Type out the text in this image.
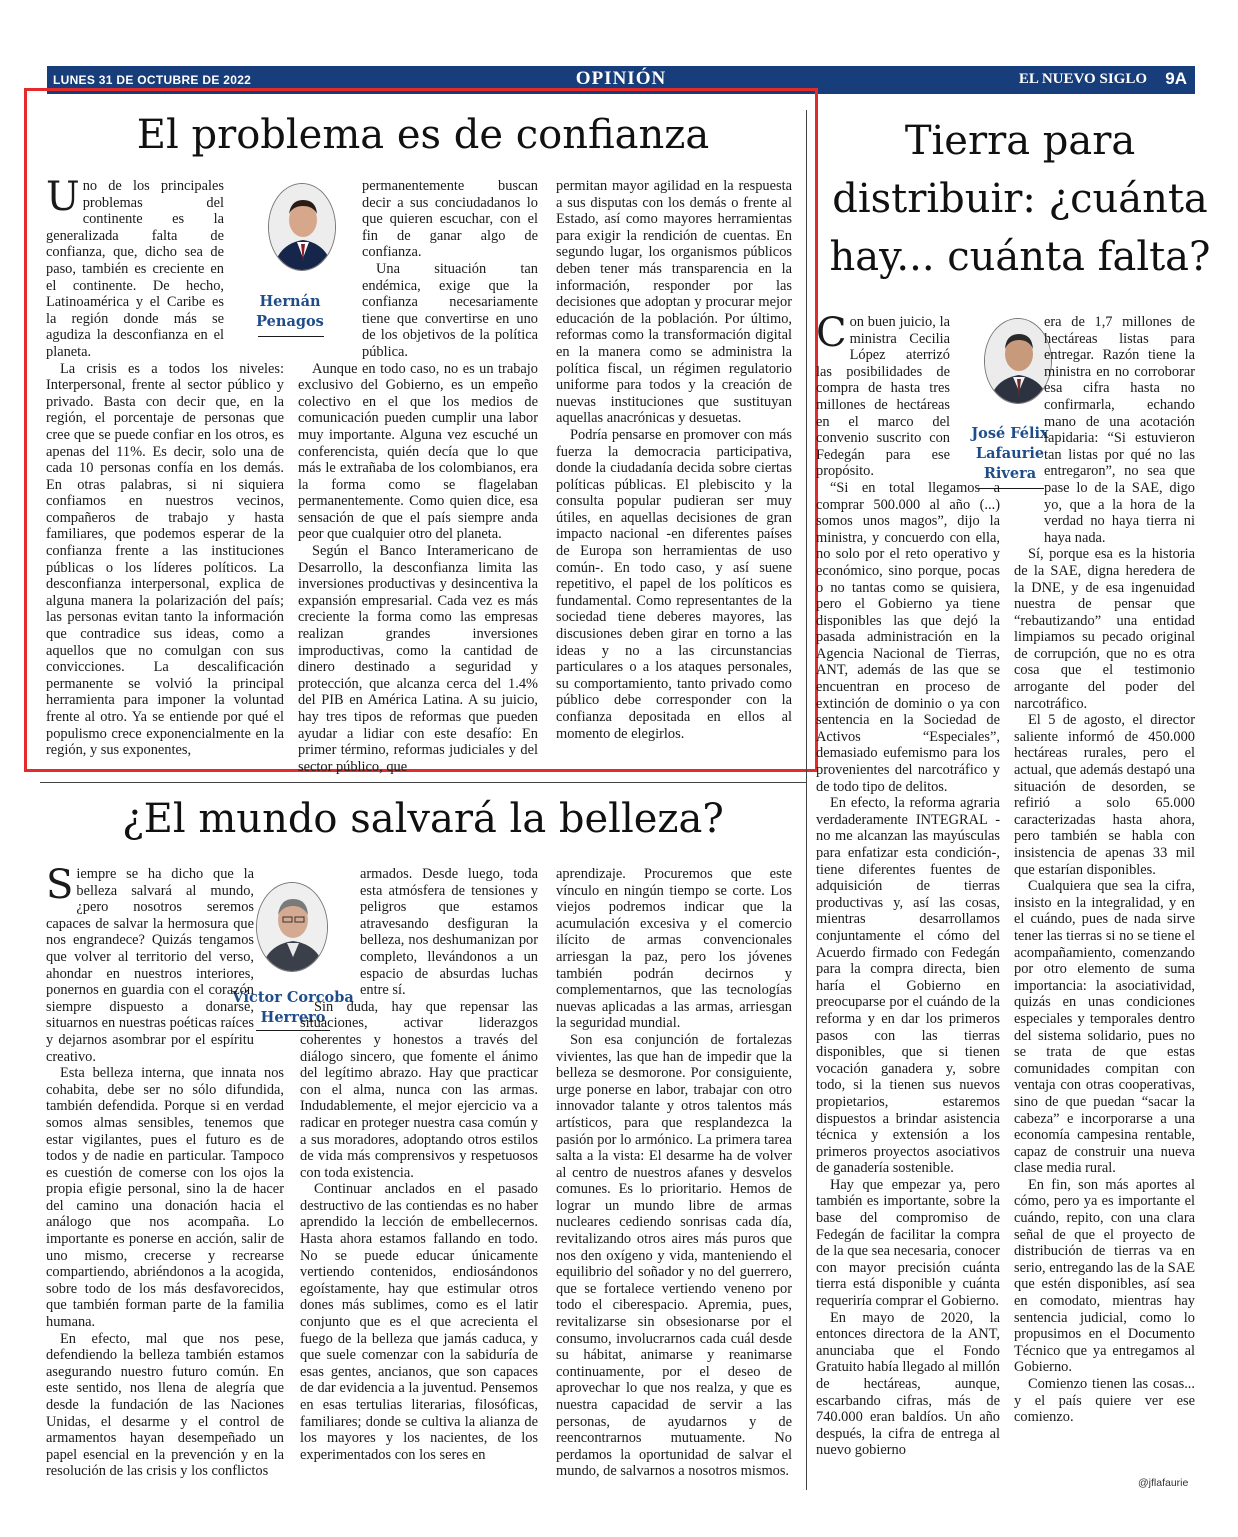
LUNES 31 DE OCTUBRE DE 2022	OPINIÓN	EL NUEVO SIGLO 9A
El problema es de confianza
Hernán
Penagos

Uno de los principales problemas del continente es la generalizada falta de confianza, que, dicho sea de paso, también es creciente en el continente. De hecho, Latinoamérica y el Caribe es la región donde más se agudiza la desconfianza en el planeta.

La crisis es a todos los niveles: Interpersonal, frente al sector público y privado. Basta con decir que, en la región, el porcentaje de personas que cree que se puede confiar en los otros, es apenas del 11%. Es decir, solo una de cada 10 personas confía en los demás. En otras palabras, si ni siquiera confiamos en nuestros vecinos, compañeros de trabajo y hasta familiares, que podemos esperar de la confianza frente a las instituciones públicas o los líderes políticos. La desconfianza interpersonal, explica de alguna manera la polarización del país; las personas evitan tanto la información que contradice sus ideas, como a aquellos que no comulgan con sus convicciones. La descalificación permanente se volvió la principal herramienta para imponer la voluntad frente al otro. Ya se entiende por qué el populismo crece exponencialmente en la región, y sus exponentes,

permanentemente buscan decir a sus conciudadanos lo que quieren escuchar, con el fin de ganar algo de confianza.

Una situación tan endémica, exige que la confianza necesariamente tiene que convertirse en uno de los objetivos de la política pública.

Aunque en todo caso, no es un trabajo exclusivo del Gobierno, es un empeño colectivo en el que los medios de comunicación pueden cumplir una labor muy importante. Alguna vez escuché un conferencista, quién decía que lo que más le extrañaba de los colombianos, era la forma como se flagelaban permanentemente. Como quien dice, esa sensación de que el país siempre anda peor que cualquier otro del planeta.

Según el Banco Interamericano de Desarrollo, la desconfianza limita las inversiones productivas y desincentiva la expansión empresarial. Cada vez es más creciente la forma como las empresas realizan grandes inversiones improductivas, como la cantidad de dinero destinado a seguridad y protección, que alcanza cerca del 1.4% del PIB en América Latina. A su juicio, hay tres tipos de reformas que pueden ayudar a lidiar con este desafío: En primer término, reformas judiciales y del sector público, que

permitan mayor agilidad en la respuesta a sus disputas con los demás o frente al Estado, así como mayores herramientas para exigir la rendición de cuentas. En segundo lugar, los organismos públicos deben tener más transparencia en la información, responder por las decisiones que adoptan y procurar mejor educación de la población. Por último, reformas como la transformación digital en la manera como se administra la política fiscal, un régimen regulatorio uniforme para todos y la creación de nuevas instituciones que sustituyan aquellas anacrónicas y desuetas.

Podría pensarse en promover con más fuerza la democracia participativa, donde la ciudadanía decida sobre ciertas políticas públicas. El plebiscito y la consulta popular pudieran ser muy útiles, en aquellas decisiones de gran impacto nacional -en diferentes países de Europa son herramientas de uso común-. En todo caso, y así suene repetitivo, el papel de los políticos es fundamental. Como representantes de la sociedad tiene deberes mayores, las discusiones deben girar en torno a las ideas y no a las circunstancias particulares o a los ataques personales, su comportamiento, tanto privado como público debe corresponder con la confianza depositada en ellos al momento de elegirlos.

Tierra para distribuir: ¿cuánta hay... cuánta falta?
José Félix
Lafaurie
Rivera

Con buen juicio, la ministra Cecilia López aterrizó las posibilidades de compra de hasta tres millones de hectáreas en el marco del convenio suscrito con Fedegán para ese propósito.

“Si en total llegamos a comprar 500.000 al año (...) somos unos magos”, dijo la ministra, y concuerdo con ella, no solo por el reto operativo y económico, sino porque, pocas o no tantas como se quisiera, pero el Gobierno ya tiene disponibles las que dejó la pasada administración en la Agencia Nacional de Tierras, ANT, además de las que se encuentran en proceso de extinción de dominio o ya con sentencia en la Sociedad de Activos “Especiales”, demasiado eufemismo para los provenientes del narcotráfico y de todo tipo de delitos.

En efecto, la reforma agraria verdaderamente INTEGRAL -no me alcanzan las mayúsculas para enfatizar esta condición-, tiene diferentes fuentes de adquisición de tierras productivas y, así las cosas, mientras desarrollamos conjuntamente el cómo del Acuerdo firmado con Fedegán para la compra directa, bien haría el Gobierno en preocuparse por el cuándo de la reforma y en dar los primeros pasos con las tierras disponibles, que si tienen vocación ganadera y, sobre todo, si la tienen sus nuevos propietarios, estaremos dispuestos a brindar asistencia técnica y extensión a los primeros proyectos asociativos de ganadería sostenible.

Hay que empezar ya, pero también es importante, sobre la base del compromiso de Fedegán de facilitar la compra de la que sea necesaria, conocer con mayor precisión cuánta tierra está disponible y cuánta requeriría comprar el Gobierno.

En mayo de 2020, la entonces directora de la ANT, anunciaba que el Fondo Gratuito había llegado al millón de hectáreas, aunque, escarbando cifras, más de 740.000 eran baldíos. Un año después, la cifra de entrega al nuevo gobierno

era de 1,7 millones de hectáreas listas para entregar. Razón tiene la ministra en no corroborar esa cifra hasta no confirmarla, echando mano de una acotación lapidaria: “Si estuvieron tan listas por qué no las entregaron”, no sea que pase lo de la SAE, digo yo, que a la hora de la verdad no haya tierra ni haya nada.

Sí, porque esa es la historia de la SAE, digna heredera de la DNE, y de esa ingenuidad nuestra de pensar que “rebautizando” una entidad limpiamos su pecado original de corrupción, que no es otra cosa que el testimonio arrogante del poder del narcotráfico.

El 5 de agosto, el director saliente informó de 450.000 hectáreas rurales, pero el actual, que además destapó una situación de desorden, se refirió a solo 65.000 caracterizadas hasta ahora, pero también se habla con insistencia de apenas 33 mil que estarían disponibles.

Cualquiera que sea la cifra, insisto en la integralidad, y en el cuándo, pues de nada sirve tener las tierras si no se tiene el acompañamiento, comenzando por otro elemento de suma importancia: la asociatividad, quizás en unas condiciones especiales y temporales dentro del sistema solidario, pues no se trata de que estas comunidades compitan con ventaja con otras cooperativas, sino de que puedan “sacar la cabeza” e incorporarse a una economía campesina rentable, capaz de construir una nueva clase media rural.

En fin, son más aportes al cómo, pero ya es importante el cuándo, repito, con una clara señal de que el proyecto de distribución de tierras va en serio, entregando las de la SAE que estén disponibles, así sea en comodato, mientras hay sentencia judicial, como lo propusimos en el Documento Técnico que ya entregamos al Gobierno.

Comienzo tienen las cosas... y el país quiere ver ese comienzo.

@jflafaurie
¿El mundo salvará la belleza?
Víctor Corcoba
Herrero

Siempre se ha dicho que la belleza salvará al mundo, ¿pero nosotros seremos capaces de salvar la hermosura que nos engrandece? Quizás tengamos que volver al territorio del verso, ahondar en nuestros interiores, ponernos en guardia con el corazón siempre dispuesto a donarse, situarnos en nuestras poéticas raíces y dejarnos asombrar por el espíritu creativo.

Esta belleza interna, que innata nos cohabita, debe ser no sólo difundida, también defendida. Porque si en verdad somos almas sensibles, tenemos que estar vigilantes, pues el futuro es de todos y de nadie en particular. Tampoco es cuestión de comerse con los ojos la propia efigie personal, sino la de hacer del camino una donación hacia el análogo que nos acompaña. Lo importante es ponerse en acción, salir de uno mismo, crecerse y recrearse compartiendo, abriéndonos a la acogida, sobre todo de los más desfavorecidos, que también forman parte de la familia humana.

En efecto, mal que nos pese, defendiendo la belleza también estamos asegurando nuestro futuro común. En este sentido, nos llena de alegría que desde la fundación de las Naciones Unidas, el desarme y el control de armamentos hayan desempeñado un papel esencial en la prevención y en la resolución de las crisis y los conflictos

armados. Desde luego, toda esta atmósfera de tensiones y peligros que estamos atravesando desfiguran la belleza, nos deshumanizan por completo, llevándonos a un espacio de absurdas luchas entre sí.

Sin duda, hay que repensar las situaciones, activar liderazgos coherentes y honestos a través del diálogo sincero, que fomente el ánimo del legítimo abrazo. Hay que practicar con el alma, nunca con las armas. Indudablemente, el mejor ejercicio va a radicar en proteger nuestra casa común y a sus moradores, adoptando otros estilos de vida más comprensivos y respetuosos con toda existencia.

Continuar anclados en el pasado destructivo de las contiendas es no haber aprendido la lección de embellecernos. Hasta ahora estamos fallando en todo. No se puede educar únicamente vertiendo contenidos, endiosándonos egoístamente, hay que estimular otros dones más sublimes, como es el latir conjunto que es el que acrecienta el fuego de la belleza que jamás caduca, y que suele comenzar con la sabiduría de esas gentes, ancianos, que son capaces de dar evidencia a la juventud. Pensemos en esas tertulias literarias, filosóficas, familiares; donde se cultiva la alianza de los mayores y los nacientes, de los experimentados con los seres en

aprendizaje. Procuremos que este vínculo en ningún tiempo se corte. Los viejos podremos indicar que la acumulación excesiva y el comercio ilícito de armas convencionales arriesgan la paz, pero los jóvenes también podrán decirnos y complementarnos, que las tecnologías nuevas aplicadas a las armas, arriesgan la seguridad mundial.

Son esa conjunción de fortalezas vivientes, las que han de impedir que la belleza se desmorone. Por consiguiente, urge ponerse en labor, trabajar con otro innovador talante y otros talentos más artísticos, para que resplandezca la pasión por lo armónico. La primera tarea salta a la vista: El desarme ha de volver al centro de nuestros afanes y desvelos comunes. Es lo prioritario. Hemos de lograr un mundo libre de armas nucleares cediendo sonrisas cada día, revitalizando otros aires más puros que nos den oxígeno y vida, manteniendo el equilibrio del soñador y no del guerrero, que se fortalece vertiendo veneno por todo el ciberespacio. Apremia, pues, revitalizarse sin obsesionarse por el consumo, involucrarnos cada cuál desde su hábitat, animarse y reanimarse continuamente, por el deseo de aprovechar lo que nos realza, y que es nuestra capacidad de servir a las personas, de ayudarnos y de reencontrarnos mutuamente. No perdamos la oportunidad de salvar el mundo, de salvarnos a nosotros mismos.
